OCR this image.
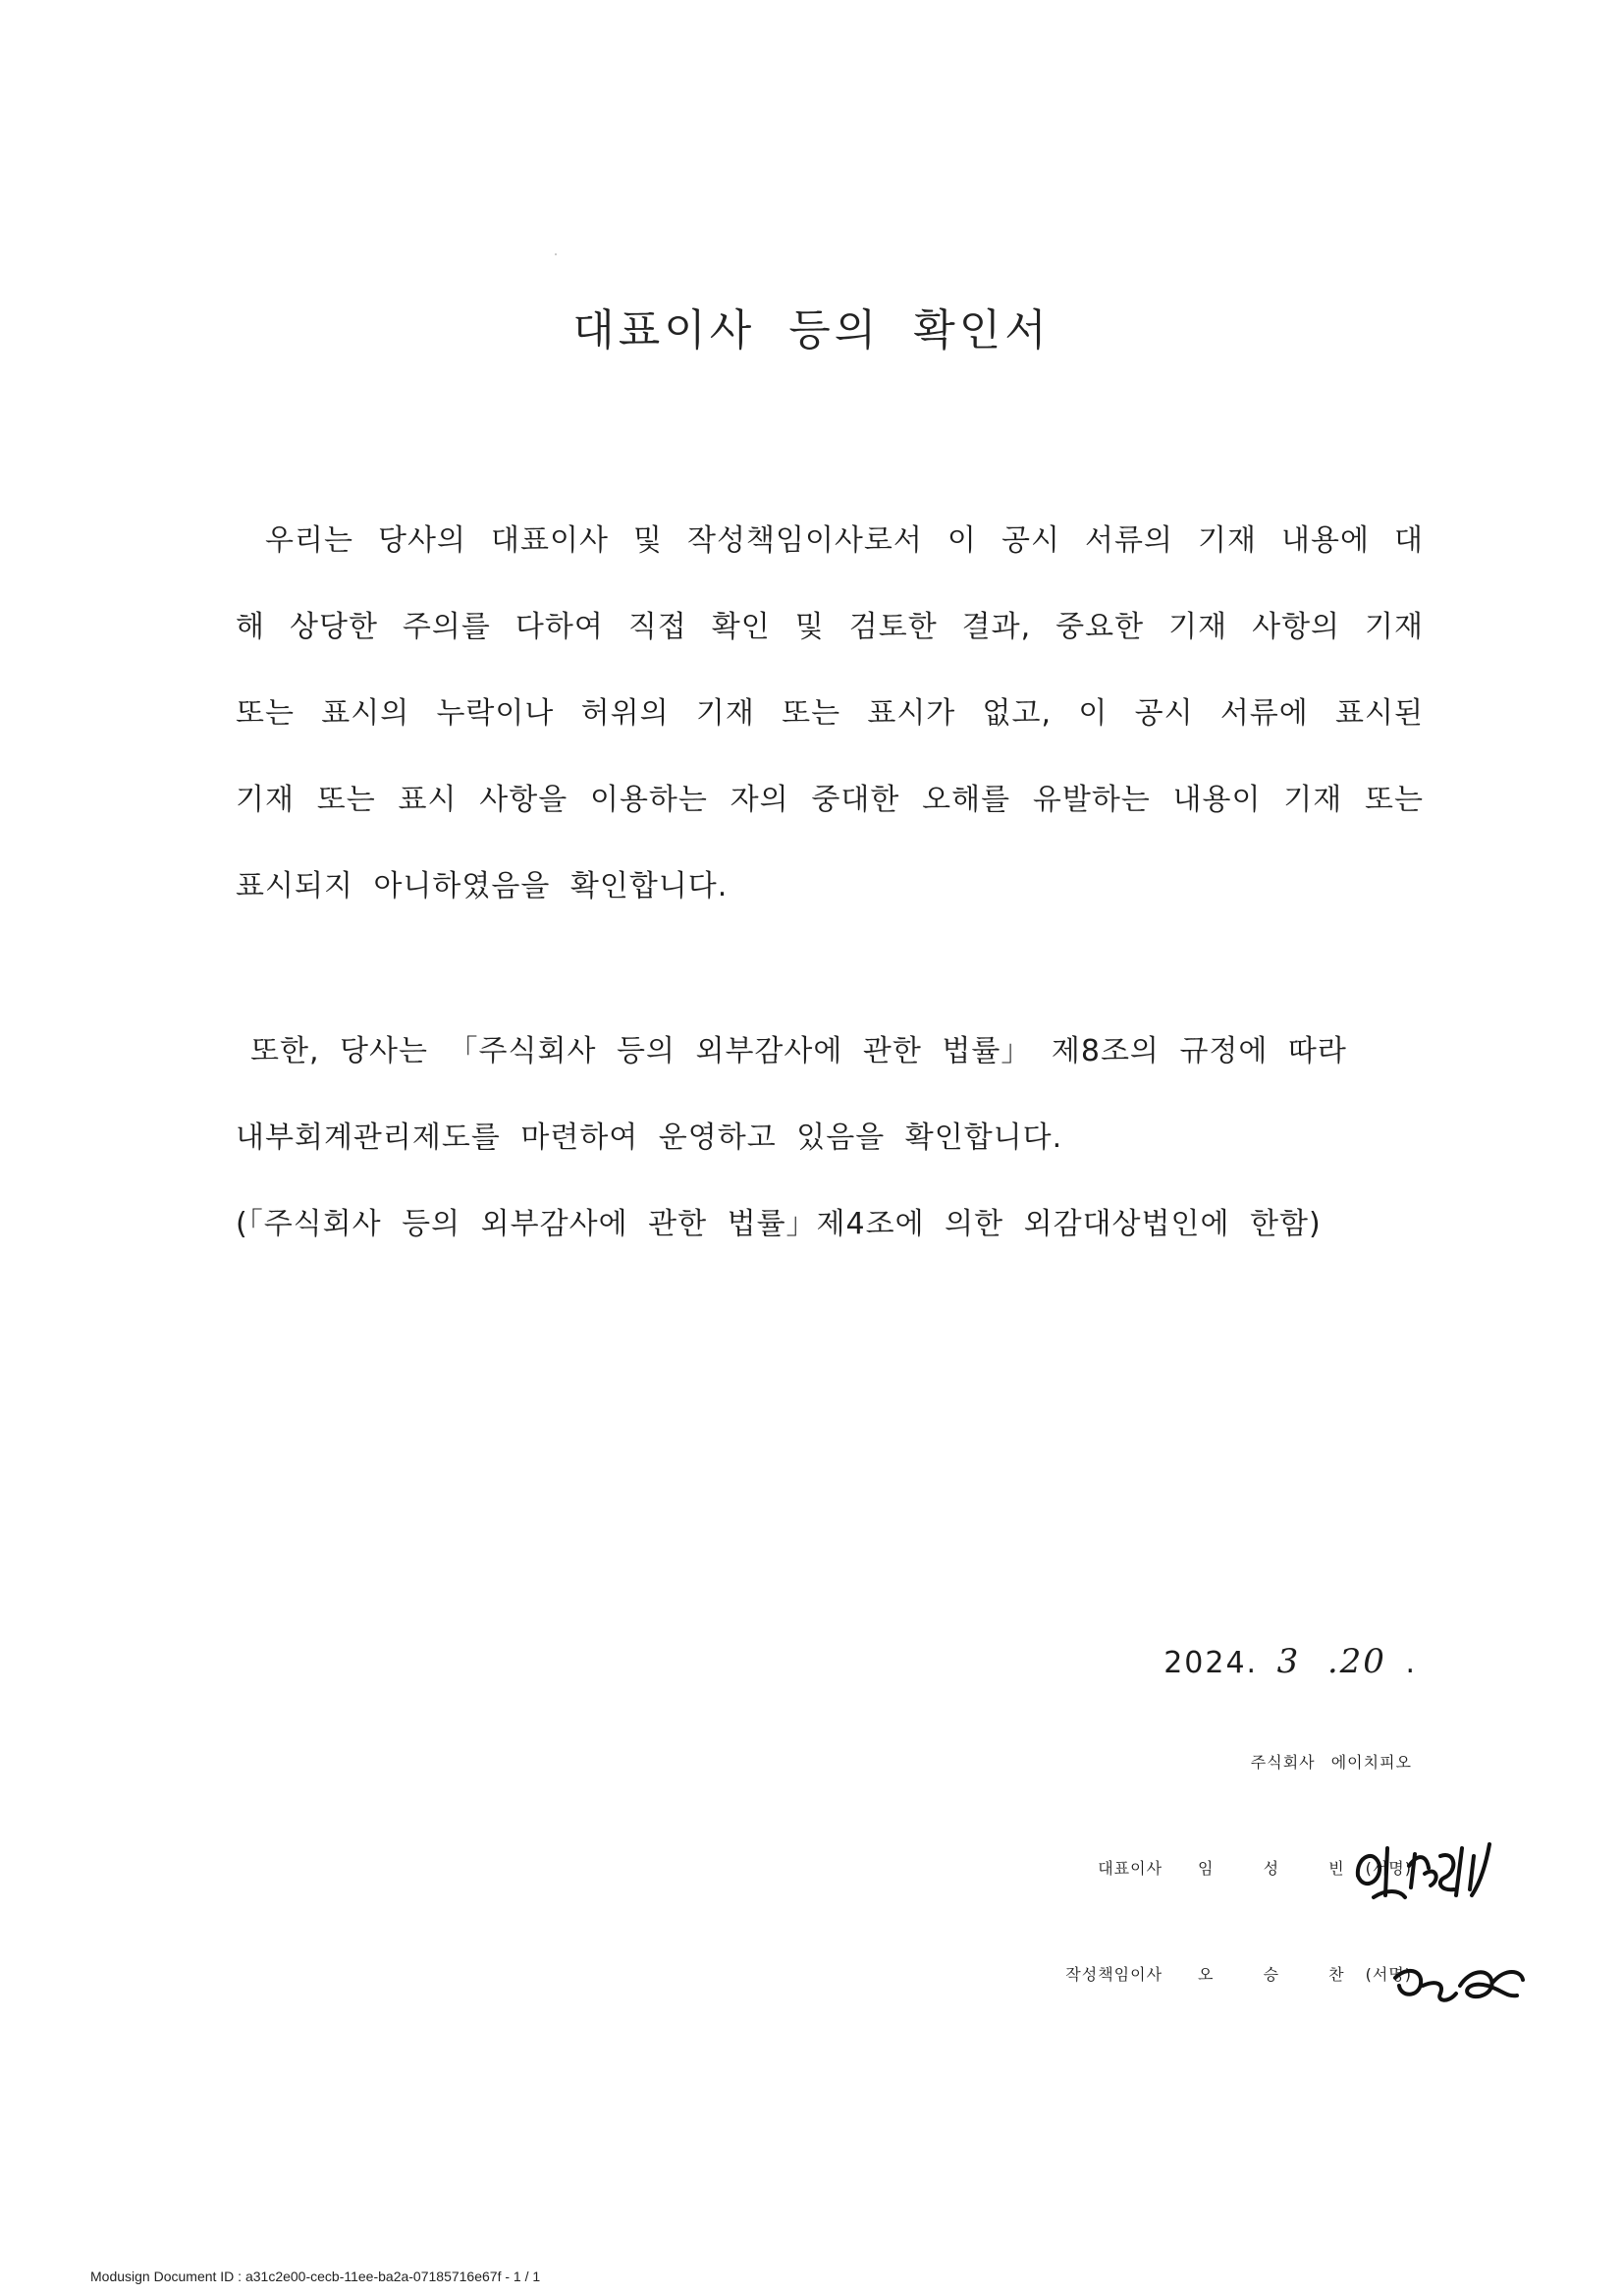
대표이사 등의 확인서
우리는 당사의 대표이사 및 작성책임이사로서 이 공시 서류의 기재 내용에 대
해 상당한 주의를 다하여 직접 확인 및 검토한 결과, 중요한 기재 사항의 기재
또는 표시의 누락이나 허위의 기재 또는 표시가 없고, 이 공시 서류에 표시된
기재 또는 표시 사항을 이용하는 자의 중대한 오해를 유발하는 내용이 기재 또는
표시되지 아니하였음을 확인합니다.
또한, 당사는 「주식회사 등의 외부감사에 관한 법률」 제8조의 규정에 따라
내부회계관리제도를 마련하여 운영하고 있음을 확인합니다.
(「주식회사 등의 외부감사에 관한 법률」제4조에 의한 외감대상법인에 한함)
2024. 3 .20 .
주식회사 에이치피오
대표이사 임 성 빈 (서명)
작성책임이사 오 승 찬 (서명)
Modusign Document ID : a31c2e00-cecb-11ee-ba2a-07185716e67f - 1 / 1
